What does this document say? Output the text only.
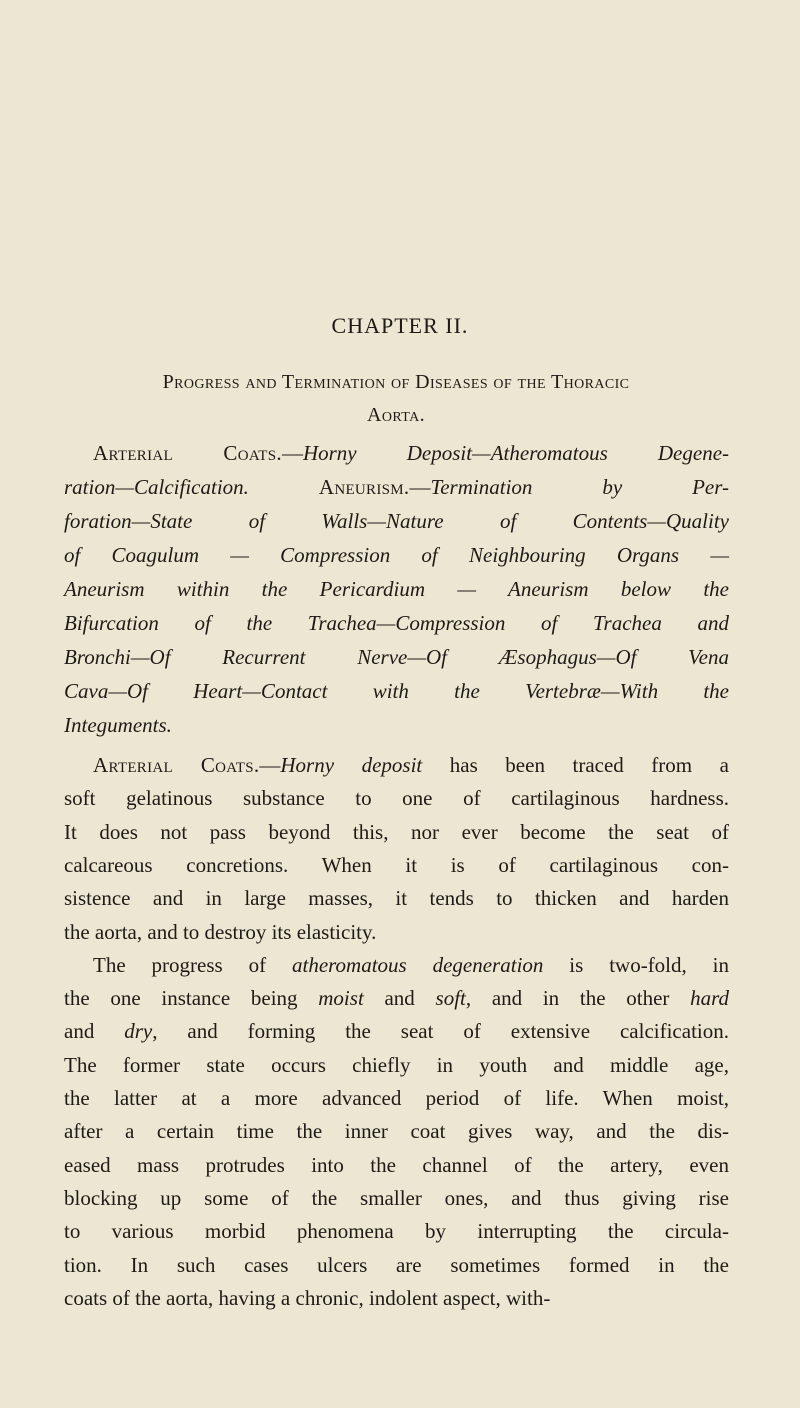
CHAPTER II.
Progress and Termination of Diseases of the Thoracic
Aorta.
Arterial Coats.—Horny Deposit—Atheromatous Degene-
ration—Calcification.	Aneurism.—Termination by Per-
foration—State of Walls—Nature of Contents—Quality
of Coagulum — Compression of Neighbouring Organs —
Aneurism within the Pericardium — Aneurism below the
Bifurcation of the Trachea—Compression of Trachea and
Bronchi—Of Recurrent Nerve—Of Æsophagus—Of Vena
Cava—Of Heart—Contact with the Vertebræ—With the
Integuments.
Arterial Coats.—Horny deposit has been traced from a
soft gelatinous substance to one of cartilaginous hardness.
It does not pass beyond this, nor ever become the seat of
calcareous concretions. When it is of cartilaginous con-
sistence and in large masses, it tends to thicken and harden
the aorta, and to destroy its elasticity.
The progress of atheromatous degeneration is two-fold, in
the one instance being moist and soft, and in the other hard
and dry, and forming the seat of extensive calcification.
The former state occurs chiefly in youth and middle age,
the latter at a more advanced period of life. When moist,
after a certain time the inner coat gives way, and the dis-
eased mass protrudes into the channel of the artery, even
blocking up some of the smaller ones, and thus giving rise
to various morbid phenomena by interrupting the circula-
tion. In such cases ulcers are sometimes formed in the
coats of the aorta, having a chronic, indolent aspect, with-
